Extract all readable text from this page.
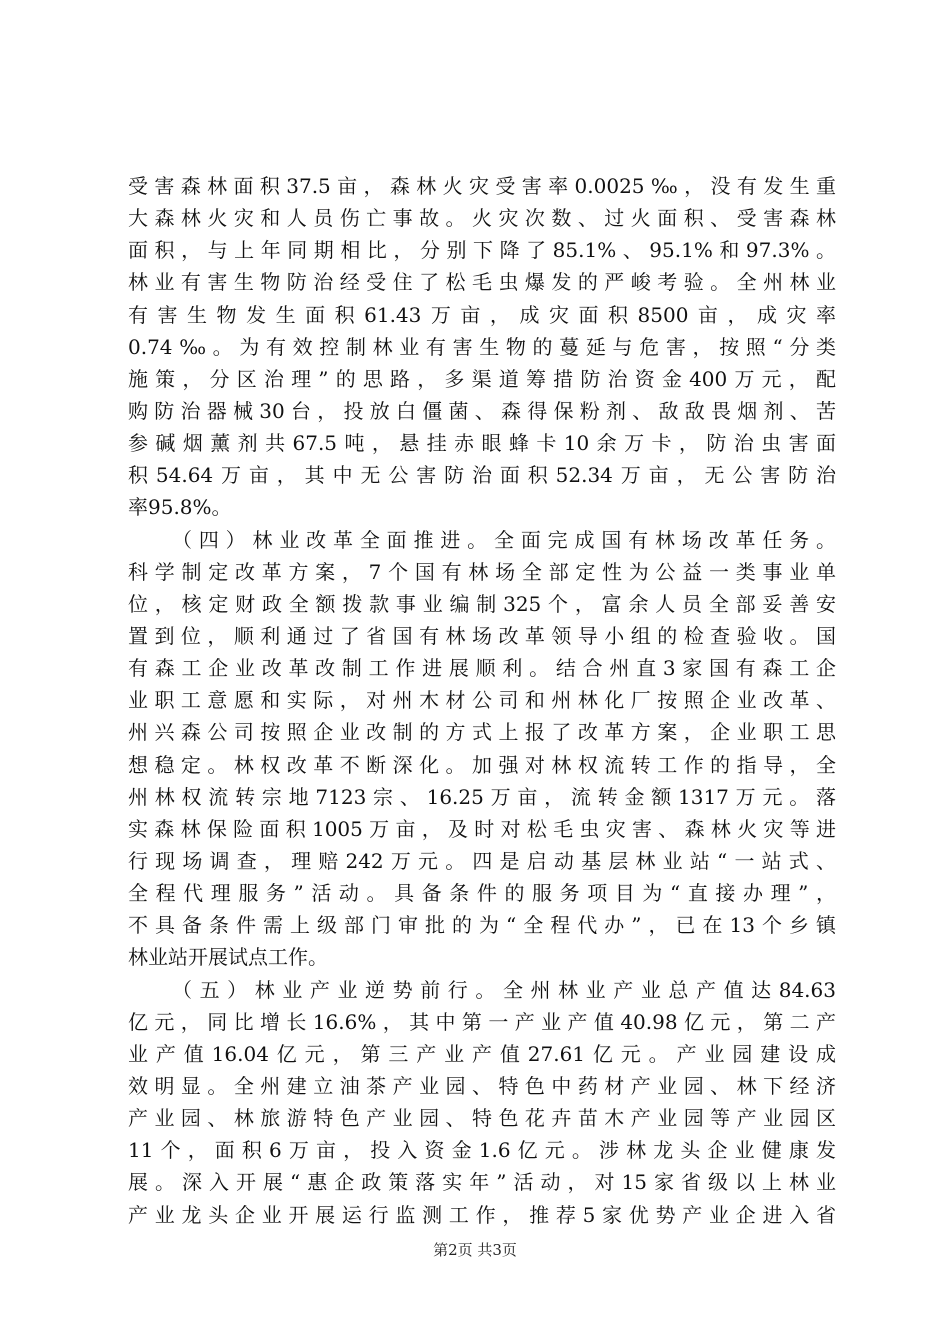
受害森林面积37.5亩，森林火灾受害率0.0025‰，没有发生重
大森林火灾和人员伤亡事故。火灾次数、过火面积、受害森林
面积，与上年同期相比，分别下降了85.1%、95.1%和97.3%。
林业有害生物防治经受住了松毛虫爆发的严峻考验。全州林业
有害生物发生面积61.43万亩，成灾面积8500亩，成灾率
0.74‰。为有效控制林业有害生物的蔓延与危害，按照“分类
施策，分区治理”的思路，多渠道筹措防治资金400万元，配
购防治器械30台，投放白僵菌、森得保粉剂、敌敌畏烟剂、苦
参碱烟薰剂共67.5吨，悬挂赤眼蜂卡10余万卡，防治虫害面
积54.64万亩，其中无公害防治面积52.34万亩，无公害防治
率95.8%。
（四）林业改革全面推进。全面完成国有林场改革任务。
科学制定改革方案，7个国有林场全部定性为公益一类事业单
位，核定财政全额拨款事业编制325个，富余人员全部妥善安
置到位，顺利通过了省国有林场改革领导小组的检查验收。国
有森工企业改革改制工作进展顺利。结合州直3家国有森工企
业职工意愿和实际，对州木材公司和州林化厂按照企业改革、
州兴森公司按照企业改制的方式上报了改革方案，企业职工思
想稳定。林权改革不断深化。加强对林权流转工作的指导，全
州林权流转宗地7123宗、16.25万亩，流转金额1317万元。落
实森林保险面积1005万亩，及时对松毛虫灾害、森林火灾等进
行现场调查，理赔242万元。四是启动基层林业站“一站式、
全程代理服务”活动。具备条件的服务项目为“直接办理”，
不具备条件需上级部门审批的为“全程代办”，已在13个乡镇
林业站开展试点工作。
（五）林业产业逆势前行。全州林业产业总产值达84.63
亿元，同比增长16.6%，其中第一产业产值40.98亿元，第二产
业产值16.04亿元，第三产业产值27.61亿元。产业园建设成
效明显。全州建立油茶产业园、特色中药材产业园、林下经济
产业园、林旅游特色产业园、特色花卉苗木产业园等产业园区
11个，面积6万亩，投入资金1.6亿元。涉林龙头企业健康发
展。深入开展“惠企政策落实年”活动，对15家省级以上林业
产业龙头企业开展运行监测工作，推荐5家优势产业企进入省
第2页 共3页
